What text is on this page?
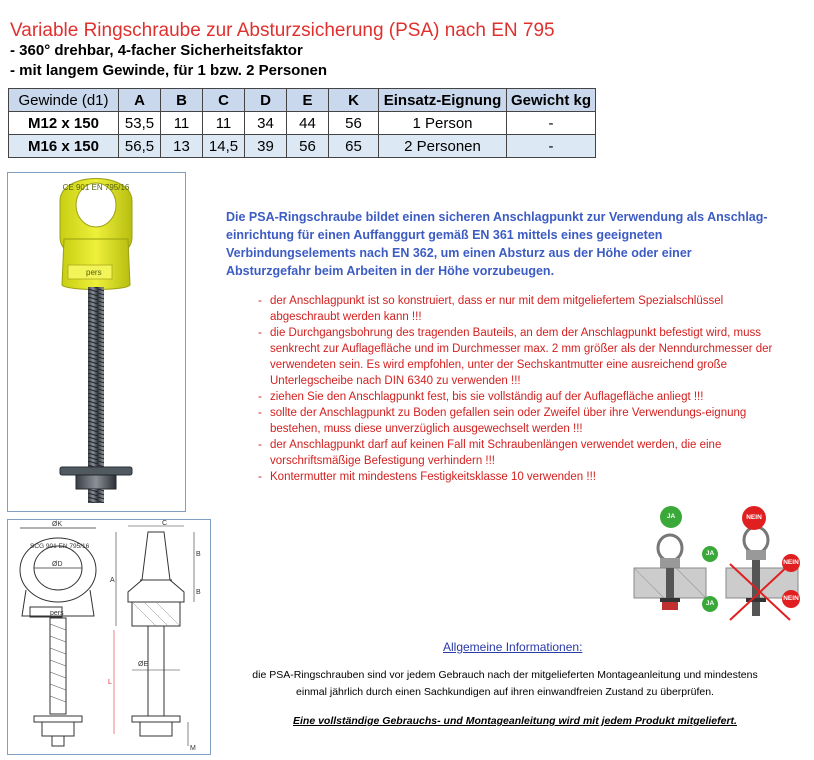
Variable Ringschraube zur Absturzsicherung (PSA) nach EN 795
- 360° drehbar, 4-facher Sicherheitsfaktor
- mit langem Gewinde, für 1 bzw. 2 Personen
Gewinde (d1)	A	B	C	D	E	K	Einsatz-Eignung	Gewicht kg
M12 x 150	53,5	11	11	34	44	56	1 Person	-
M16 x 150	56,5	13	14,5	39	56	65	2 Personen	-
CE 901 EN 795/16
pers
pers
SCG 901 EN 795/16
ØK
ØD
A
B
B
C
ØE
L
M
Die PSA-Ringschraube bildet einen sicheren Anschlagpunkt zur Verwendung als Anschlag-einrichtung für einen Auffanggurt gemäß EN 361 mittels eines geeigneten Verbindungselements nach EN 362, um einen Absturz aus der Höhe oder einer Absturzgefahr beim Arbeiten in der Höhe vorzubeugen.
- der Anschlagpunkt ist so konstruiert, dass er nur mit dem mitgeliefertem Spezialschlüssel abgeschraubt werden kann !!!
- die Durchgangsbohrung des tragenden Bauteils, an dem der Anschlagpunkt befestigt wird, muss senkrecht zur Auflagefläche und im Durchmesser max. 2 mm größer als der Nenndurchmesser der verwendeten sein. Es wird empfohlen, unter der Sechskantmutter eine ausreichend große Unterlegscheibe nach DIN 6340 zu verwenden !!!
- ziehen Sie den Anschlagpunkt fest, bis sie vollständig auf der Auflagefläche anliegt !!!
- sollte der Anschlagpunkt zu Boden gefallen sein oder Zweifel über ihre Verwendungs-eignung bestehen, muss diese unverzüglich ausgewechselt werden !!!
- der Anschlagpunkt darf auf keinen Fall mit Schraubenlängen verwendet werden, die eine vorschriftsmäßige Befestigung verhindern !!!
- Kontermutter mit mindestens Festigkeitsklasse 10 verwenden !!!
JA
JA
JA
NEIN
NEIN
NEIN
Allgemeine Informationen:
die PSA-Ringschrauben sind vor jedem Gebrauch nach der mitgelieferten Montageanleitung und mindestens einmal jährlich durch einen Sachkundigen auf ihren einwandfreien Zustand zu überprüfen.
Eine vollständige Gebrauchs- und Montageanleitung wird mit jedem Produkt mitgeliefert.
